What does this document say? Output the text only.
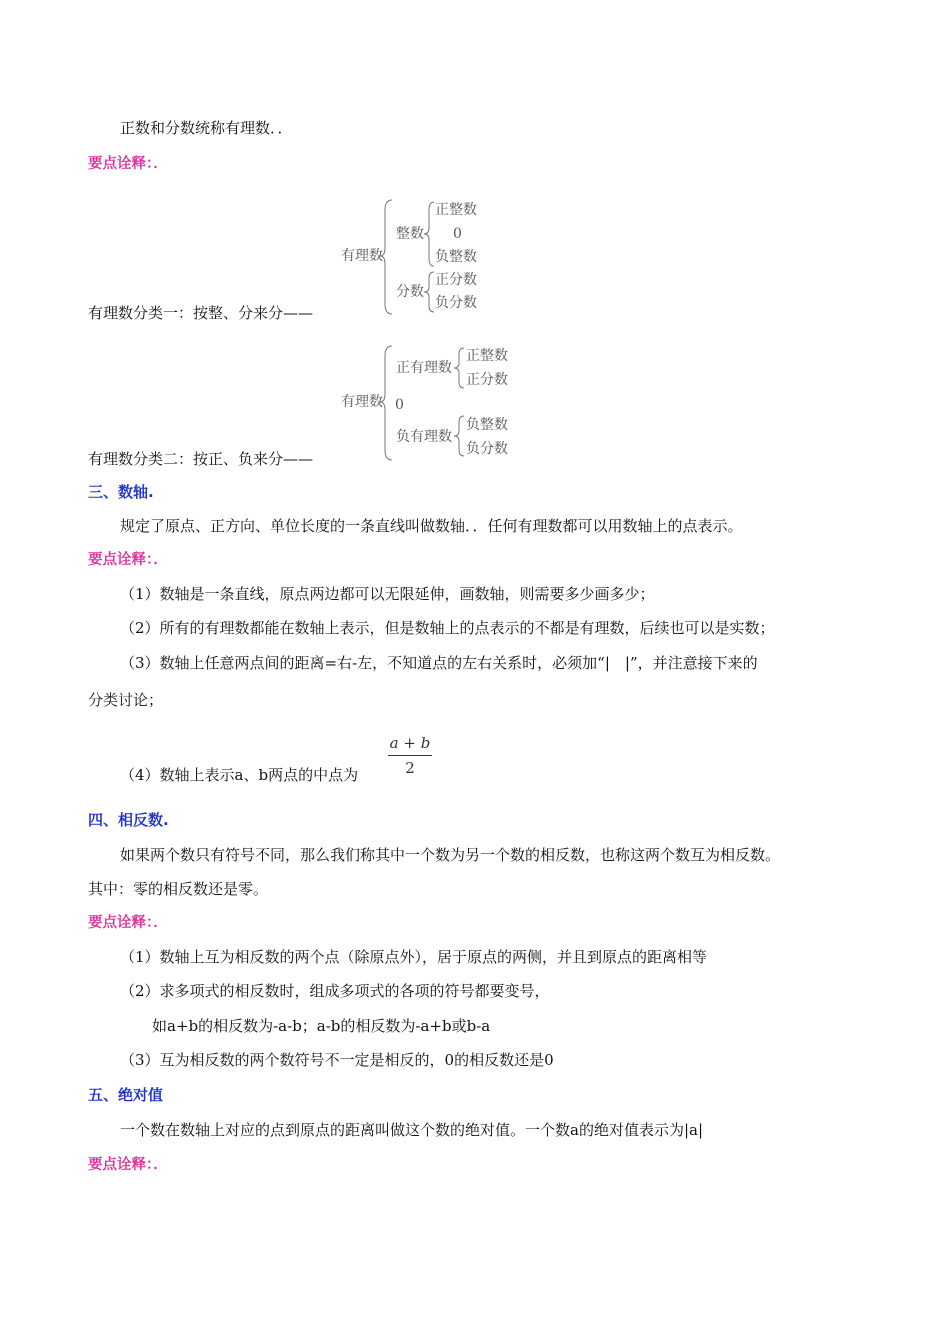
正数和分数统称有理数．．
要点诠释：．
有理数
整数
正整数
0
负整数
分数
正分数
负分数
有理数分类一：按整、分来分——
有理数
正有理数
正整数
正分数
0
负有理数
负整数
负分数
有理数分类二：按正、负来分——
三、数轴.
规定了原点、正方向、单位长度的一条直线叫做数轴．．任何有理数都可以用数轴上的点表示。
要点诠释：．
（1）数轴是一条直线，原点两边都可以无限延伸，画数轴，则需要多少画多少；
（2）所有的有理数都能在数轴上表示，但是数轴上的点表示的不都是有理数，后续也可以是实数；
（3）数轴上任意两点间的距离=右-左，不知道点的左右关系时，必须加“|　|”，并注意接下来的
分类讨论；
（4）数轴上表示a、b两点的中点为
a + b
2
四、相反数.
如果两个数只有符号不同，那么我们称其中一个数为另一个数的相反数，也称这两个数互为相反数。
其中：零的相反数还是零。
要点诠释：．
（1）数轴上互为相反数的两个点（除原点外），居于原点的两侧，并且到原点的距离相等
（2）求多项式的相反数时，组成多项式的各项的符号都要变号，
如a+b的相反数为-a-b；a-b的相反数为-a+b或b-a
（3）互为相反数的两个数符号不一定是相反的，0的相反数还是0
五、绝对值
一个数在数轴上对应的点到原点的距离叫做这个数的绝对值。一个数a的绝对值表示为|a|
要点诠释：．
